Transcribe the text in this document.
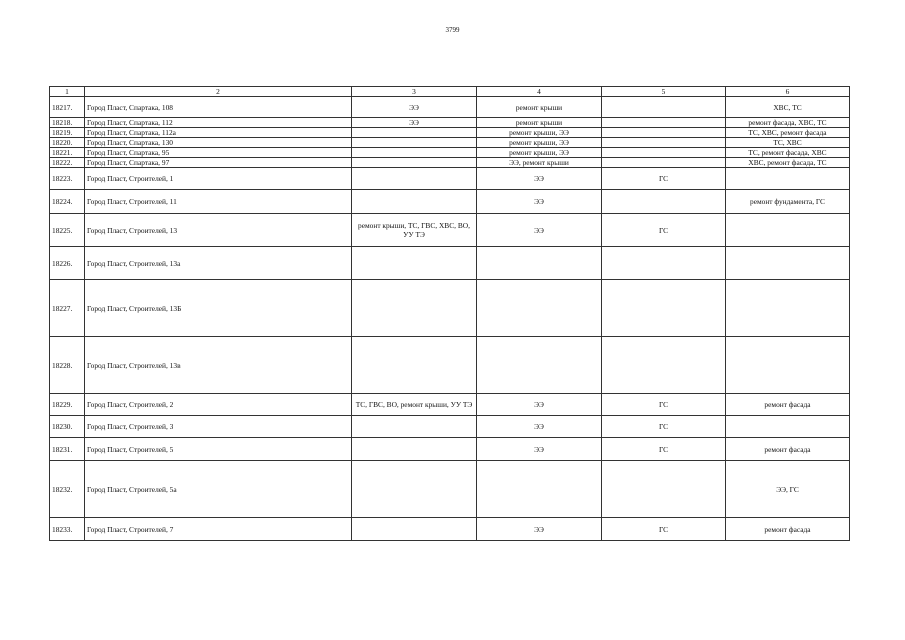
3799
1	2	3	4	5	6
18217.	Город Пласт, Спартака, 108	ЭЭ	ремонт крыши		ХВС, ТС
18218.	Город Пласт, Спартака, 112	ЭЭ	ремонт крыши		ремонт фасада, ХВС, ТС
18219.	Город Пласт, Спартака, 112а		ремонт крыши, ЭЭ		ТС, ХВС, ремонт фасада
18220.	Город Пласт, Спартака, 130		ремонт крыши, ЭЭ		ТС, ХВС
18221.	Город Пласт, Спартака, 95		ремонт крыши, ЭЭ		ТС, ремонт фасада, ХВС
18222.	Город Пласт, Спартака, 97		ЭЭ, ремонт крыши		ХВС, ремонт фасада, ТС
18223.	Город Пласт, Строителей, 1		ЭЭ	ГС	
18224.	Город Пласт, Строителей, 11		ЭЭ		ремонт фундамента, ГС
18225.	Город Пласт, Строителей, 13	ремонт крыши, ТС, ГВС, ХВС, ВО, УУ ТЭ	ЭЭ	ГС	
18226.	Город Пласт, Строителей, 13а				
18227.	Город Пласт, Строителей, 13Б				
18228.	Город Пласт, Строителей, 13в				
18229.	Город Пласт, Строителей, 2	ТС, ГВС, ВО, ремонт крыши, УУ ТЭ	ЭЭ	ГС	ремонт фасада
18230.	Город Пласт, Строителей, 3		ЭЭ	ГС	
18231.	Город Пласт, Строителей, 5		ЭЭ	ГС	ремонт фасада
18232.	Город Пласт, Строителей, 5а				ЭЭ, ГС
18233.	Город Пласт, Строителей, 7		ЭЭ	ГС	ремонт фасада
